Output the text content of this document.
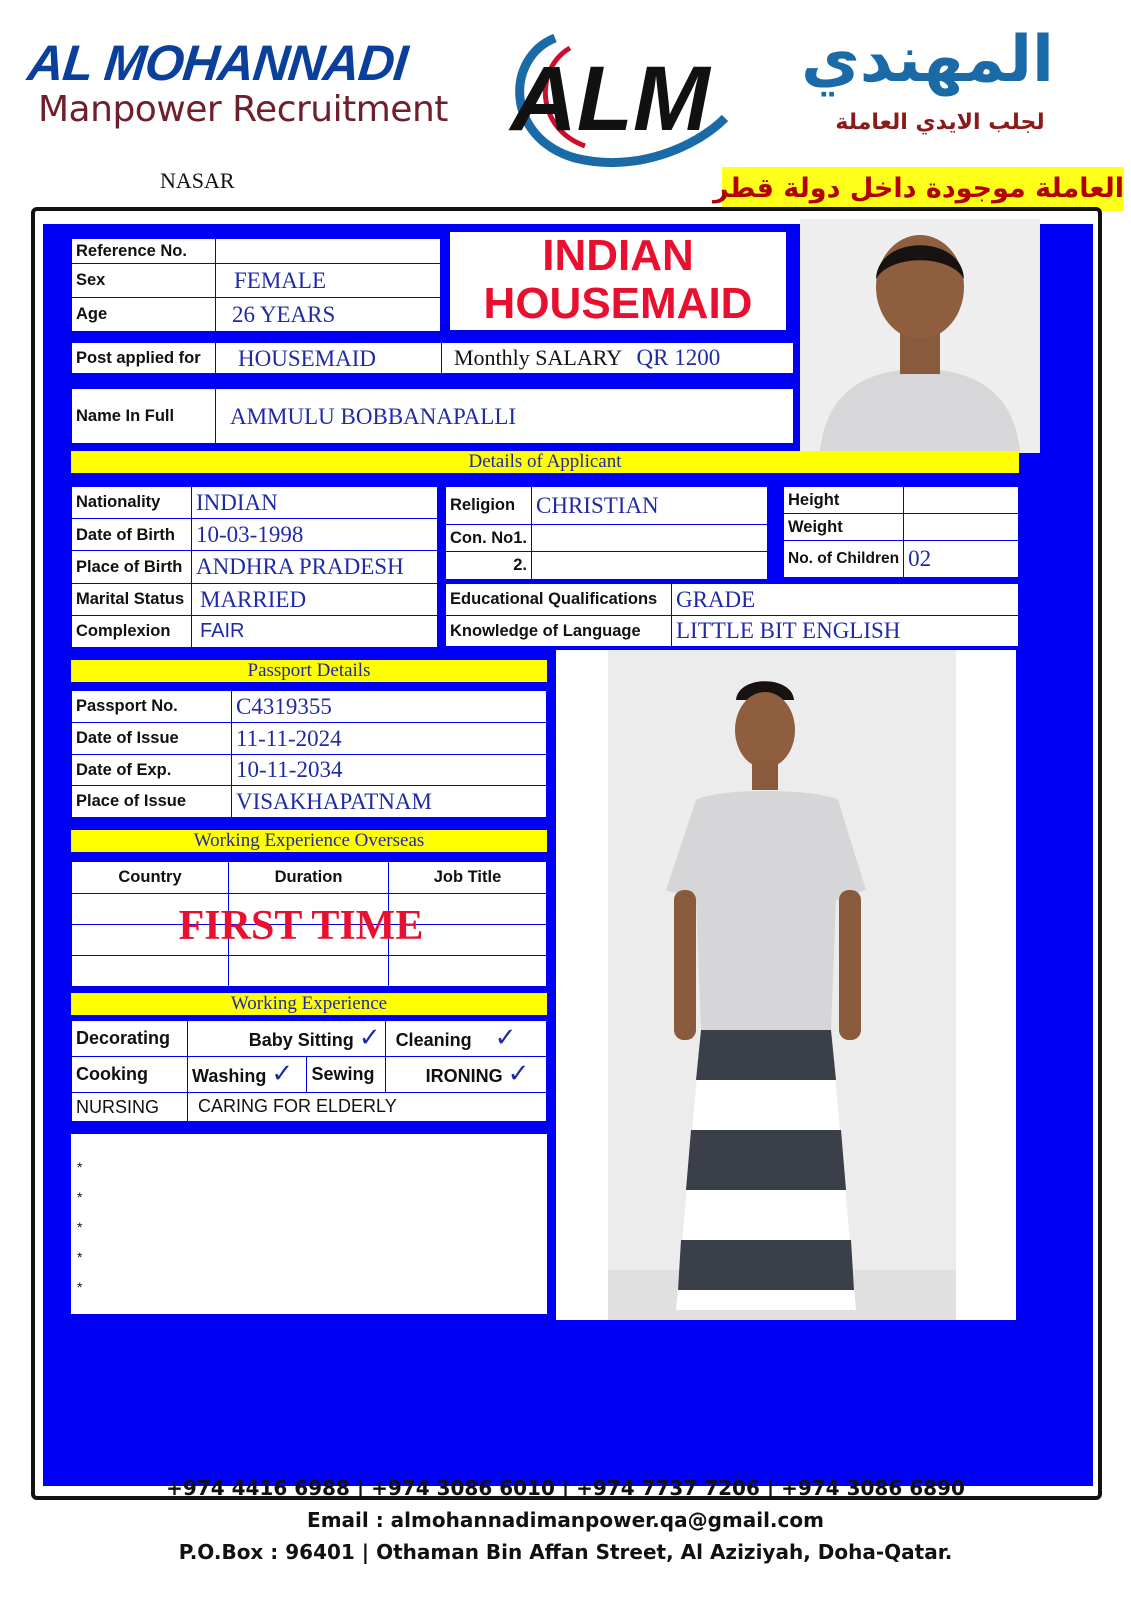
AL MOHANNADI
Manpower Recruitment ALM	المهندي
لجلب الايدي العاملة
NASAR	العاملة موجودة داخل دولة قطر
Reference No.	
Sex	FEMALE
Age	26 YEARS
INDIAN
HOUSEMAID
Post applied for	HOUSEMAID	Monthly SALARY QR 1200
Name In Full	AMMULU BOBBANAPALLI
Details of Applicant
Nationality	INDIAN
Date of Birth	10-03-1998
Place of Birth	ANDHRA PRADESH
Marital Status	MARRIED
Complexion	FAIR
Religion	CHRISTIAN
Con. No1.	
2.	
Height	
Weight	
No. of Children	02
Educational Qualifications	GRADE
Knowledge of Language	LITTLE BIT ENGLISH
Passport Details
Passport No.	C4319355
Date of Issue	11-11-2024
Date of Exp.	10-11-2034
Place of Issue	VISAKHAPATNAM
Working Experience Overseas
Country	Duration	Job Title

FIRST TIME
Working Experience
Decorating	Baby Sitting ✓		Cleaning ✓
Cooking	Washing ✓	Sewing	IRONING ✓
NURSING	CARING FOR ELDERLY		
*
*
*
*
*
+974 4416 6988 | +974 3086 6010 | +974 7737 7206 | +974 3086 6890
Email : almohannadimanpower.qa@gmail.com
P.O.Box : 96401 | Othaman Bin Affan Street, Al Aziziyah, Doha-Qatar.
